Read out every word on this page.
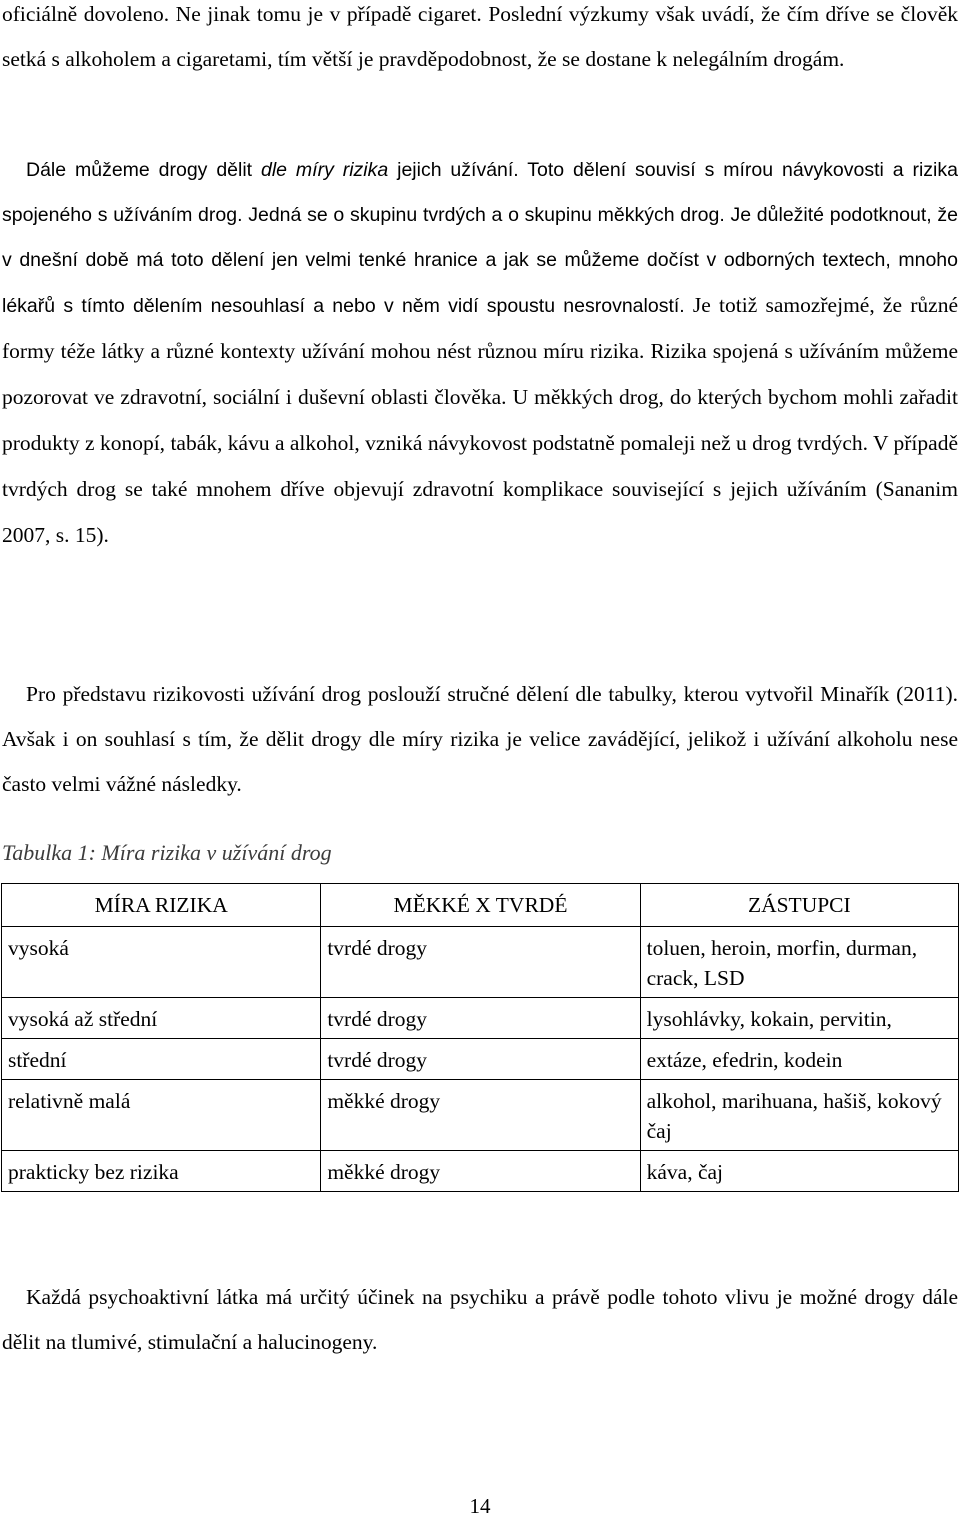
oficiálně dovoleno. Ne jinak tomu je v případě cigaret. Poslední výzkumy však uvádí, že čím dříve se člověk setká s alkoholem a cigaretami, tím větší je pravděpodobnost, že se dostane k nelegálním drogám.

Dále můžeme drogy dělit dle míry rizika jejich užívání. Toto dělení souvisí s mírou návykovosti a rizika spojeného s užíváním drog. Jedná se o skupinu tvrdých a o skupinu měkkých drog. Je důležité podotknout, že v dnešní době má toto dělení jen velmi tenké hranice a jak se můžeme dočíst v odborných textech, mnoho lékařů s tímto dělením nesouhlasí a nebo v něm vidí spoustu nesrovnalostí. Je totiž samozřejmé, že různé formy téže látky a různé kontexty užívání mohou nést různou míru rizika. Rizika spojená s užíváním můžeme pozorovat ve zdravotní, sociální i duševní oblasti člověka. U měkkých drog, do kterých bychom mohli zařadit produkty z konopí, tabák, kávu a alkohol, vzniká návykovost podstatně pomaleji než u drog tvrdých. V případě tvrdých drog se také mnohem dříve objevují zdravotní komplikace související s jejich užíváním (Sananim 2007, s. 15).

Pro představu rizikovosti užívání drog poslouží stručné dělení dle tabulky, kterou vytvořil Minařík (2011). Avšak i on souhlasí s tím, že dělit drogy dle míry rizika je velice zavádějící, jelikož i užívání alkoholu nese často velmi vážné následky.

Tabulka 1: Míra rizika v užívání drog

MÍRA RIZIKA	MĚKKÉ X TVRDÉ	ZÁSTUPCI
vysoká	tvrdé drogy	toluen, heroin, morfin, durman, crack, LSD
vysoká až střední	tvrdé drogy	lysohlávky, kokain, pervitin,
střední	tvrdé drogy	extáze, efedrin, kodein
relativně malá	měkké drogy	alkohol, marihuana, hašiš, kokový čaj
prakticky bez rizika	měkké drogy	káva, čaj

Každá psychoaktivní látka má určitý účinek na psychiku a právě podle tohoto vlivu je možné drogy dále dělit na tlumivé, stimulační a halucinogeny.

14
